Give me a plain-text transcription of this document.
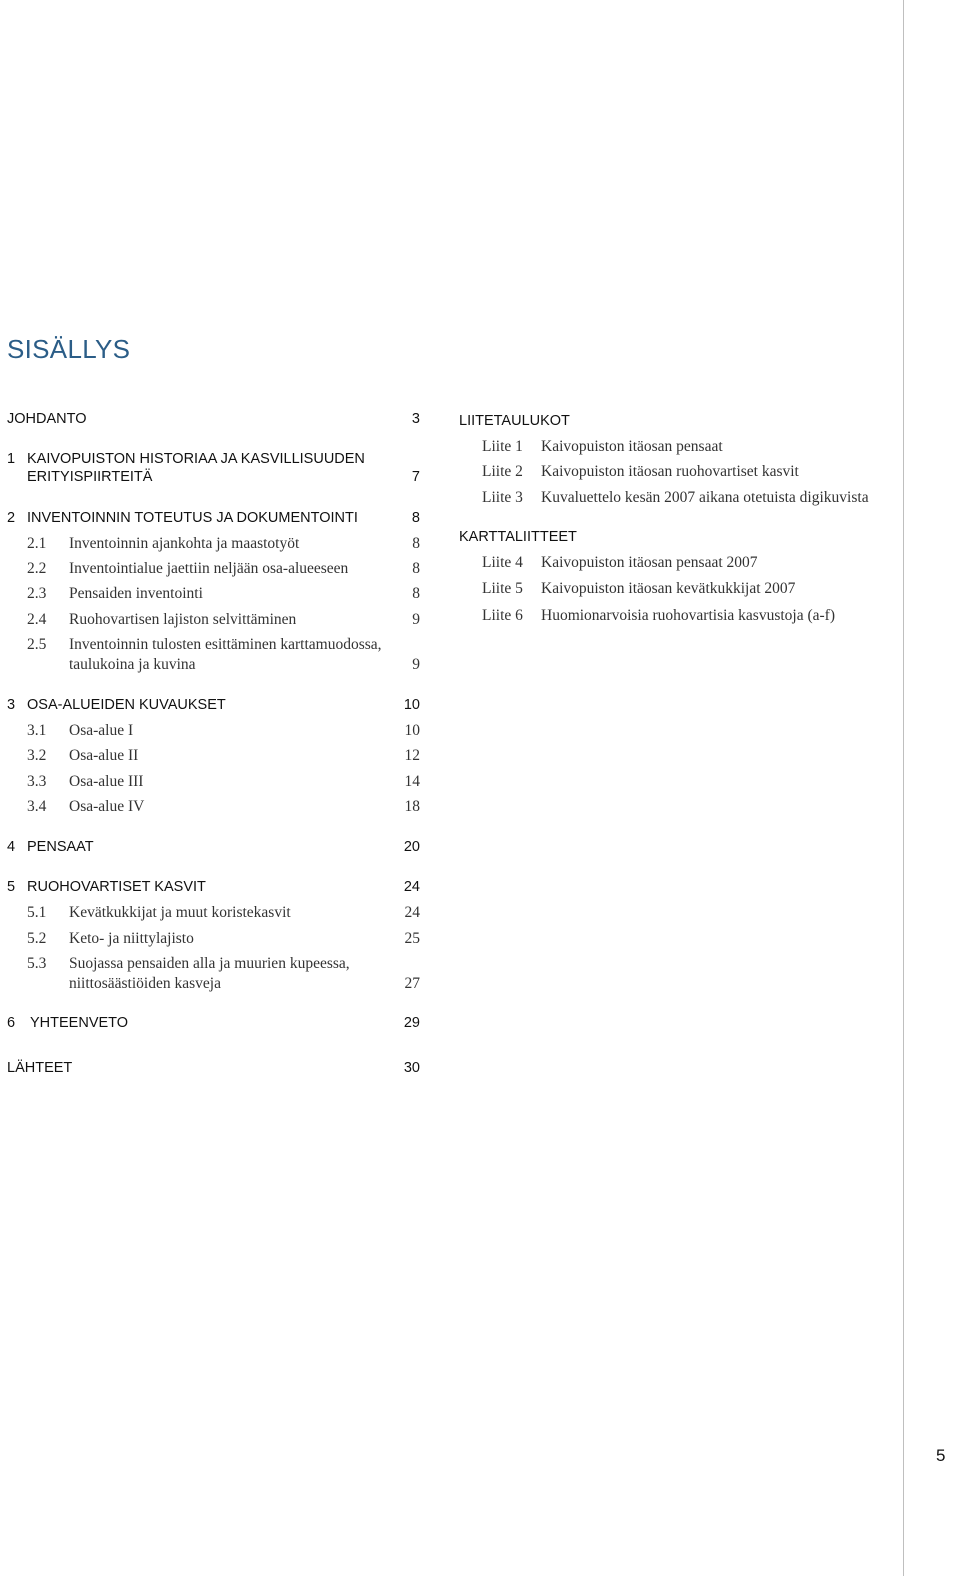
SISÄLLYS
JOHDANTO	3
1 KAIVOPUISTON HISTORIAA JA KASVILLISUUDEN
ERITYISPIIRTEITÄ	7
2 INVENTOINNIN TOTEUTUS JA DOKUMENTOINTI	8
2.1 Inventoinnin ajankohta ja maastotyöt	8
2.2 Inventointialue jaettiin neljään osa-alueeseen	8
2.3 Pensaiden inventointi	8
2.4 Ruohovartisen lajiston selvittäminen	9
2.5 Inventoinnin tulosten esittäminen karttamuodossa,
taulukoina ja kuvina	9
3 OSA-ALUEIDEN KUVAUKSET	10
3.1 Osa-alue I	10
3.2 Osa-alue II	12
3.3 Osa-alue III	14
3.4 Osa-alue IV	18
4 PENSAAT	20
5 RUOHOVARTISET KASVIT	24
5.1 Kevätkukkijat ja muut koristekasvit	24
5.2 Keto- ja niittylajisto	25
5.3 Suojassa pensaiden alla ja muurien kupeessa,
niittosäästiöiden kasveja	27
6 YHTEENVETO	29
LÄHTEET	30
LIITETAULUKOT
Liite 1 Kaivopuiston itäosan pensaat
Liite 2 Kaivopuiston itäosan ruohovartiset kasvit
Liite 3 Kuvaluettelo kesän 2007 aikana otetuista digikuvista
KARTTALIITTEET
Liite 4 Kaivopuiston itäosan pensaat 2007
Liite 5 Kaivopuiston itäosan kevätkukkijat 2007
Liite 6 Huomionarvoisia ruohovartisia kasvustoja (a-f)
5
